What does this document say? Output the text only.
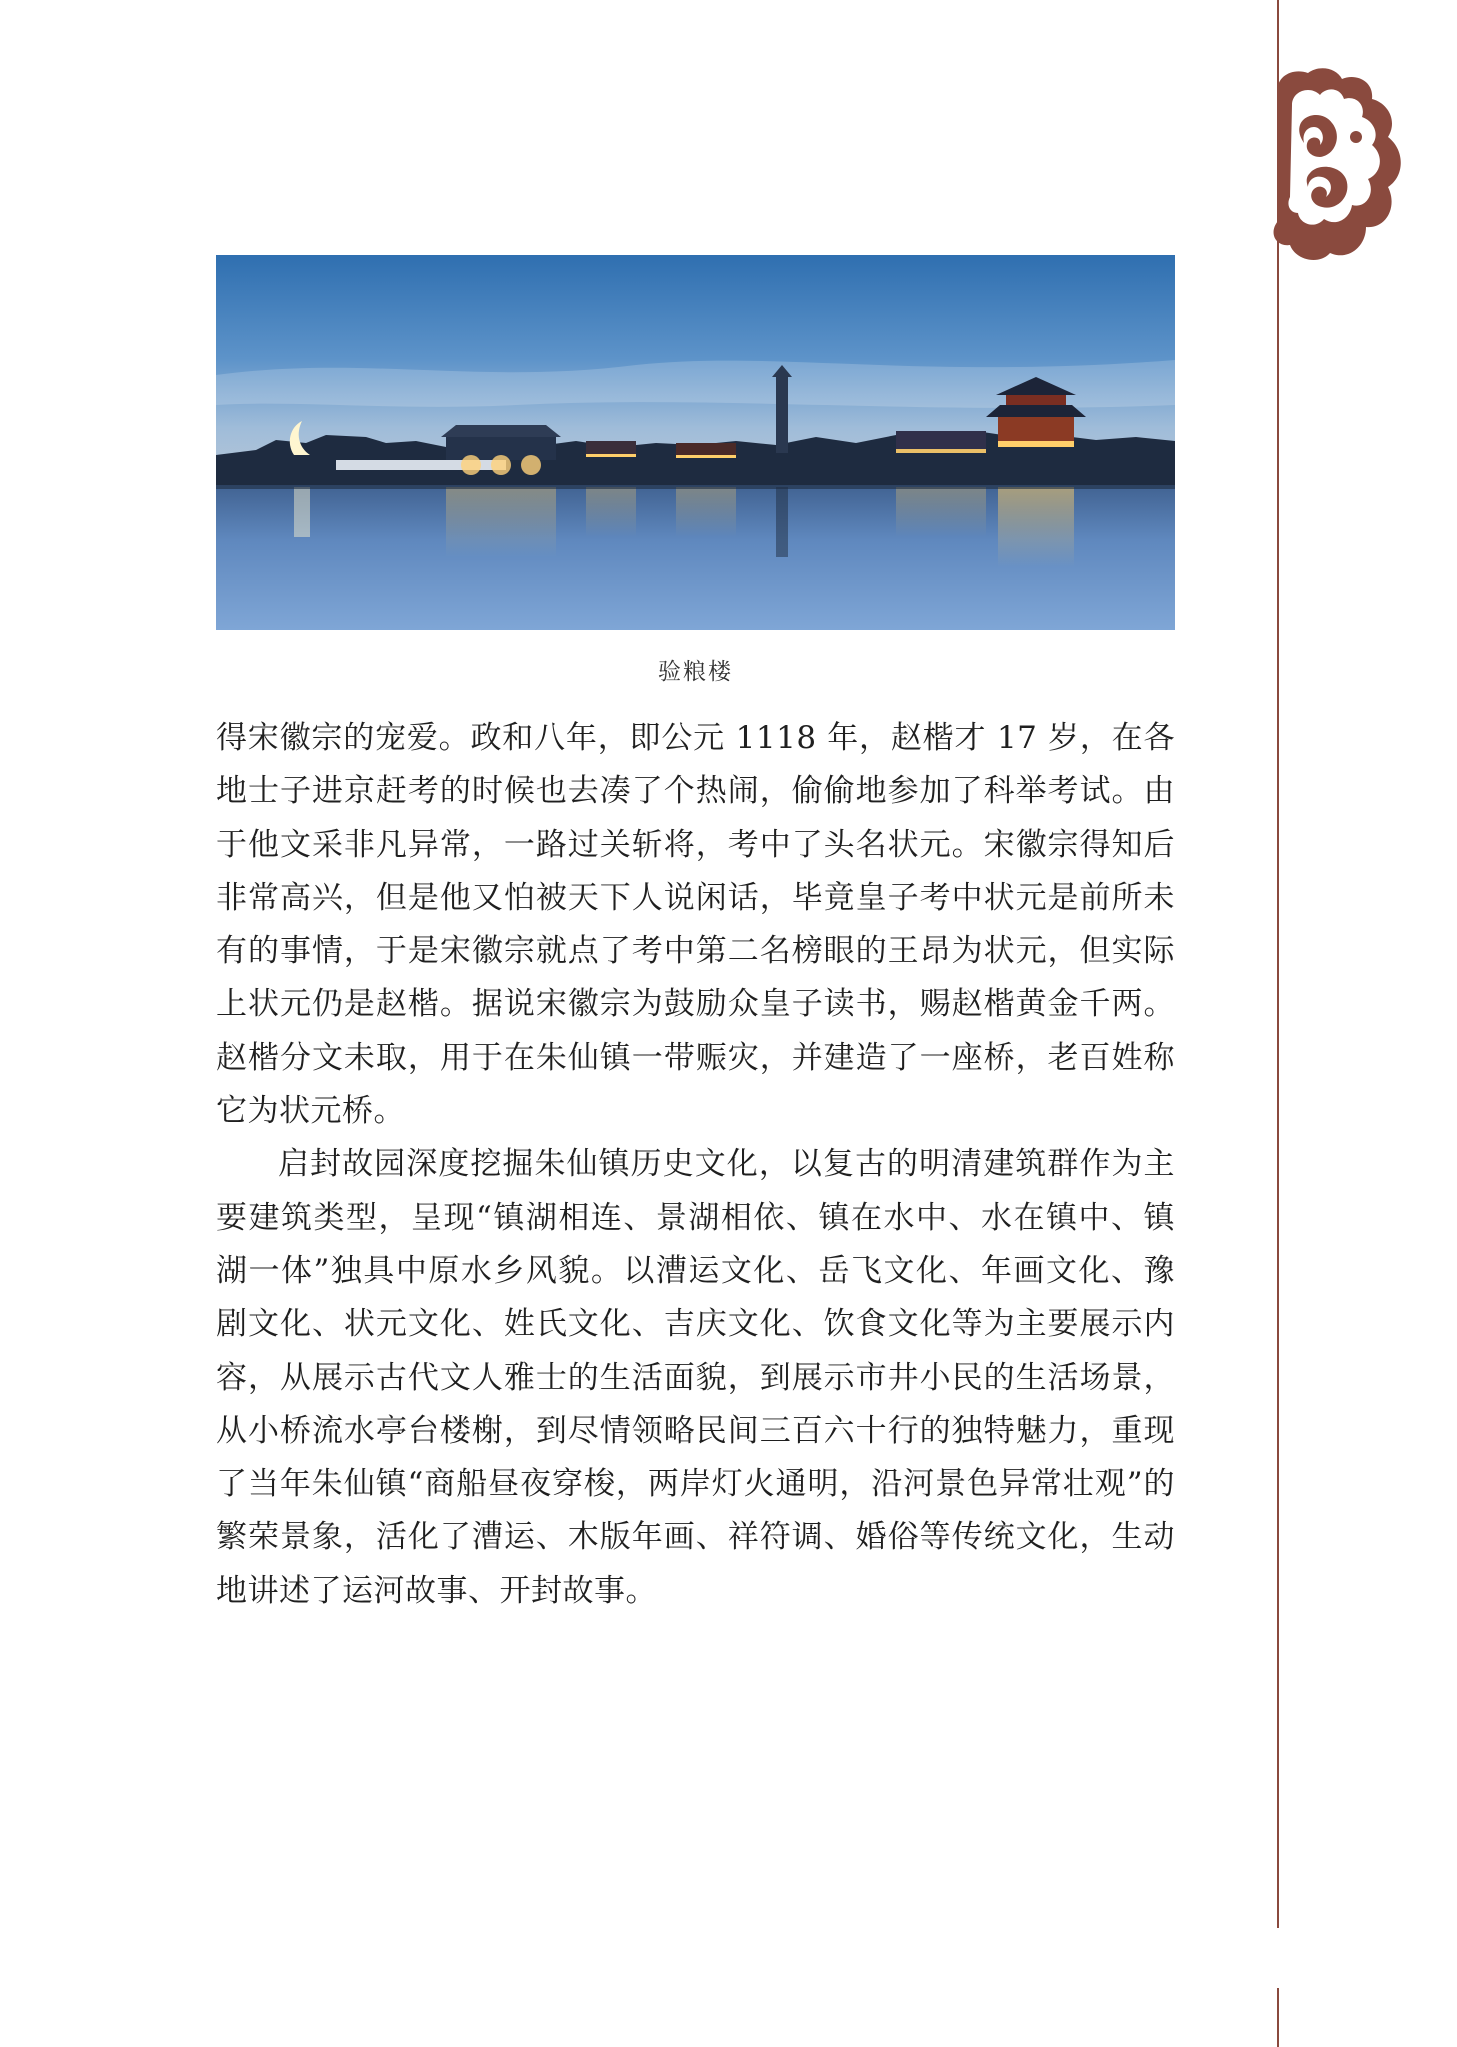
验粮楼

得宋徽宗的宠爱。政和八年，即公元 1118 年，赵楷才 17 岁，在各地士子进京赶考的时候也去凑了个热闹，偷偷地参加了科举考试。由于他文采非凡异常，一路过关斩将，考中了头名状元。宋徽宗得知后非常高兴，但是他又怕被天下人说闲话，毕竟皇子考中状元是前所未有的事情，于是宋徽宗就点了考中第二名榜眼的王昂为状元，但实际上状元仍是赵楷。据说宋徽宗为鼓励众皇子读书，赐赵楷黄金千两。赵楷分文未取，用于在朱仙镇一带赈灾，并建造了一座桥，老百姓称它为状元桥。

启封故园深度挖掘朱仙镇历史文化，以复古的明清建筑群作为主要建筑类型，呈现“镇湖相连、景湖相依、镇在水中、水在镇中、镇湖一体”独具中原水乡风貌。以漕运文化、岳飞文化、年画文化、豫剧文化、状元文化、姓氏文化、吉庆文化、饮食文化等为主要展示内容，从展示古代文人雅士的生活面貌，到展示市井小民的生活场景，从小桥流水亭台楼榭，到尽情领略民间三百六十行的独特魅力，重现了当年朱仙镇“商船昼夜穿梭，两岸灯火通明，沿河景色异常壮观”的繁荣景象，活化了漕运、木版年画、祥符调、婚俗等传统文化，生动地讲述了运河故事、开封故事。
